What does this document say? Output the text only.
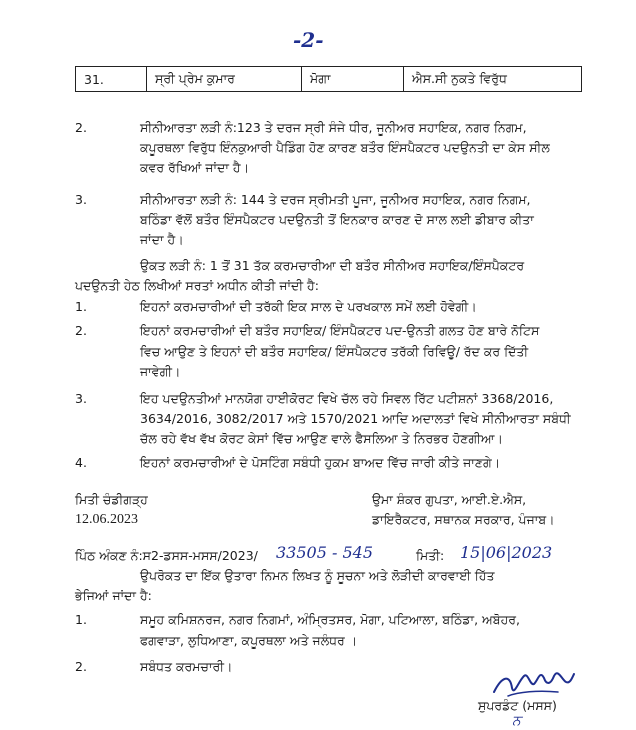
-2-
31.	ਸ੍ਰੀ ਪ੍ਰੇਮ ਕੁਮਾਰ	ਮੋਗਾ	ਐਸ.ਸੀ ਨੁਕਤੇ ਵਿਰੁੱਧ
2.	ਸੀਨੀਆਰਤਾ ਲੜੀ ਨੰ:123 ਤੇ ਦਰਜ ਸ੍ਰੀ ਸੰਜੇ ਧੀਰ, ਜੂਨੀਅਰ ਸਹਾਇਕ, ਨਗਰ ਨਿਗਮ,
ਕਪੂਰਥਲਾ ਵਿਰੁੱਧ ਇੰਨਕੁਆਰੀ ਪੈਡਿੰਗ ਹੋਣ ਕਾਰਣ ਬਤੌਰ ਇੰਸਪੈਕਟਰ ਪਦਉਨਤੀ ਦਾ ਕੇਸ ਸੀਲ
ਕਵਰ ਰੱਖਿਆਂ ਜਾਂਦਾ ਹੈ।
3.	ਸੀਨੀਆਰਤਾ ਲੜੀ ਨੰ: 144 ਤੇ ਦਰਜ ਸ੍ਰੀਮਤੀ ਪੂਜਾ, ਜੂਨੀਅਰ ਸਹਾਇਕ, ਨਗਰ ਨਿਗਮ,
ਬਠਿੰਡਾ ਵੱਲੋਂ ਬਤੌਰ ਇੰਸਪੈਕਟਰ ਪਦਉਨਤੀ ਤੋਂ ਇਨਕਾਰ ਕਾਰਣ ਦੋ ਸਾਲ ਲਈ ਡੀਬਾਰ ਕੀਤਾ
ਜਾਂਦਾ ਹੈ।
ਉਕਤ ਲੜੀ ਨੰ: 1 ਤੋਂ 31 ਤੱਕ ਕਰਮਚਾਰੀਆ ਦੀ ਬਤੌਰ ਸੀਨੀਅਰ ਸਹਾਇਕ/ਇੰਸਪੈਕਟਰ
ਪਦਉਨਤੀ ਹੇਠ ਲਿਖੀਆਂ ਸਰਤਾਂ ਅਧੀਨ ਕੀਤੀ ਜਾਂਦੀ ਹੈ:
1.	ਇਹਨਾਂ ਕਰਮਚਾਰੀਆਂ ਦੀ ਤਰੱਕੀ ਇਕ ਸਾਲ ਦੇ ਪਰਖਕਾਲ ਸਮੇਂ ਲਈ ਹੋਵੇਗੀ।
2.	ਇਹਨਾਂ ਕਰਮਚਾਰੀਆਂ ਦੀ ਬਤੌਰ ਸਹਾਇਕ/ ਇੰਸਪੈਕਟਰ ਪਦ-ਉਨਤੀ ਗਲਤ ਹੋਣ ਬਾਰੇ ਨੋਟਿਸ
ਵਿਚ ਆਉਣ ਤੇ ਇਹਨਾਂ ਦੀ ਬਤੌਰ ਸਹਾਇਕ/ ਇੰਸਪੈਕਟਰ ਤਰੱਕੀ ਰਿਵਿਊ/ ਰੱਦ ਕਰ ਦਿੱਤੀ
ਜਾਵੇਗੀ।
3.	ਇਹ ਪਦਉਨਤੀਆਂ ਮਾਨਯੋਗ ਹਾਈਕੋਰਟ ਵਿਖੇ ਚੱਲ ਰਹੇ ਸਿਵਲ ਰਿੱਟ ਪਟੀਸ਼ਨਾਂ 3368/2016,
3634/2016, 3082/2017 ਅਤੇ 1570/2021 ਆਦਿ ਅਦਾਲਤਾਂ ਵਿਖੇ ਸੀਨੀਆਰਤਾ ਸਬੰਧੀ
ਚੱਲ ਰਹੇ ਵੱਖ ਵੱਖ ਕੋਰਟ ਕੇਸਾਂ ਵਿੱਚ ਆਉਣ ਵਾਲੇ ਫੈਸਲਿਆ ਤੇ ਨਿਰਭਰ ਹੋਣਗੀਆ।
4.	ਇਹਨਾਂ ਕਰਮਚਾਰੀਆਂ ਦੇ ਪੋਸਟਿੰਗ ਸਬੰਧੀ ਹੁਕਮ ਬਾਅਦ ਵਿੱਚ ਜਾਰੀ ਕੀਤੇ ਜਾਣਗੇ।
ਮਿਤੀ ਚੰਡੀਗੜ੍ਹ
12.06.2023
ਉਮਾ ਸ਼ੰਕਰ ਗੁਪਤਾ, ਆਈ.ਏ.ਐਸ,
ਡਾਇਰੈਕਟਰ, ਸਥਾਨਕ ਸਰਕਾਰ, ਪੰਜਾਬ।
ਪਿੰਠ ਅੰਕਣ ਨੰ:ਸ2-ਡਸਸ-ਮਸਸ/2023/ 33505 - 545	ਮਿਤੀ: 15|06|2023
ਉਪਰੋਕਤ ਦਾ ਇੱਕ ਉਤਾਰਾ ਨਿਮਨ ਲਿਖਤ ਨੂੰ ਸੂਚਨਾ ਅਤੇ ਲੋੜੀਦੀ ਕਾਰਵਾਈ ਹਿੱਤ
ਭੇਜਿਆਂ ਜਾਂਦਾ ਹੈ:
1.	ਸਮੂਹ ਕਮਿਸ਼ਨਰਜ, ਨਗਰ ਨਿਗਮਾਂ, ਅੰਮ੍ਰਿਤਸਰ, ਮੋਗਾ, ਪਟਿਆਲਾ, ਬਠਿੰਡਾ, ਅਬੋਹਰ,
ਫਗਵਾੜਾ, ਲੁਧਿਆਣਾ, ਕਪੂਰਥਲਾ ਅਤੇ ਜਲੰਧਰ ।
2.	ਸਬੰਧਤ ਕਰਮਚਾਰੀ।
ਸੁਪਰਡੰਟ (ਮਸਸ)
ਨ
